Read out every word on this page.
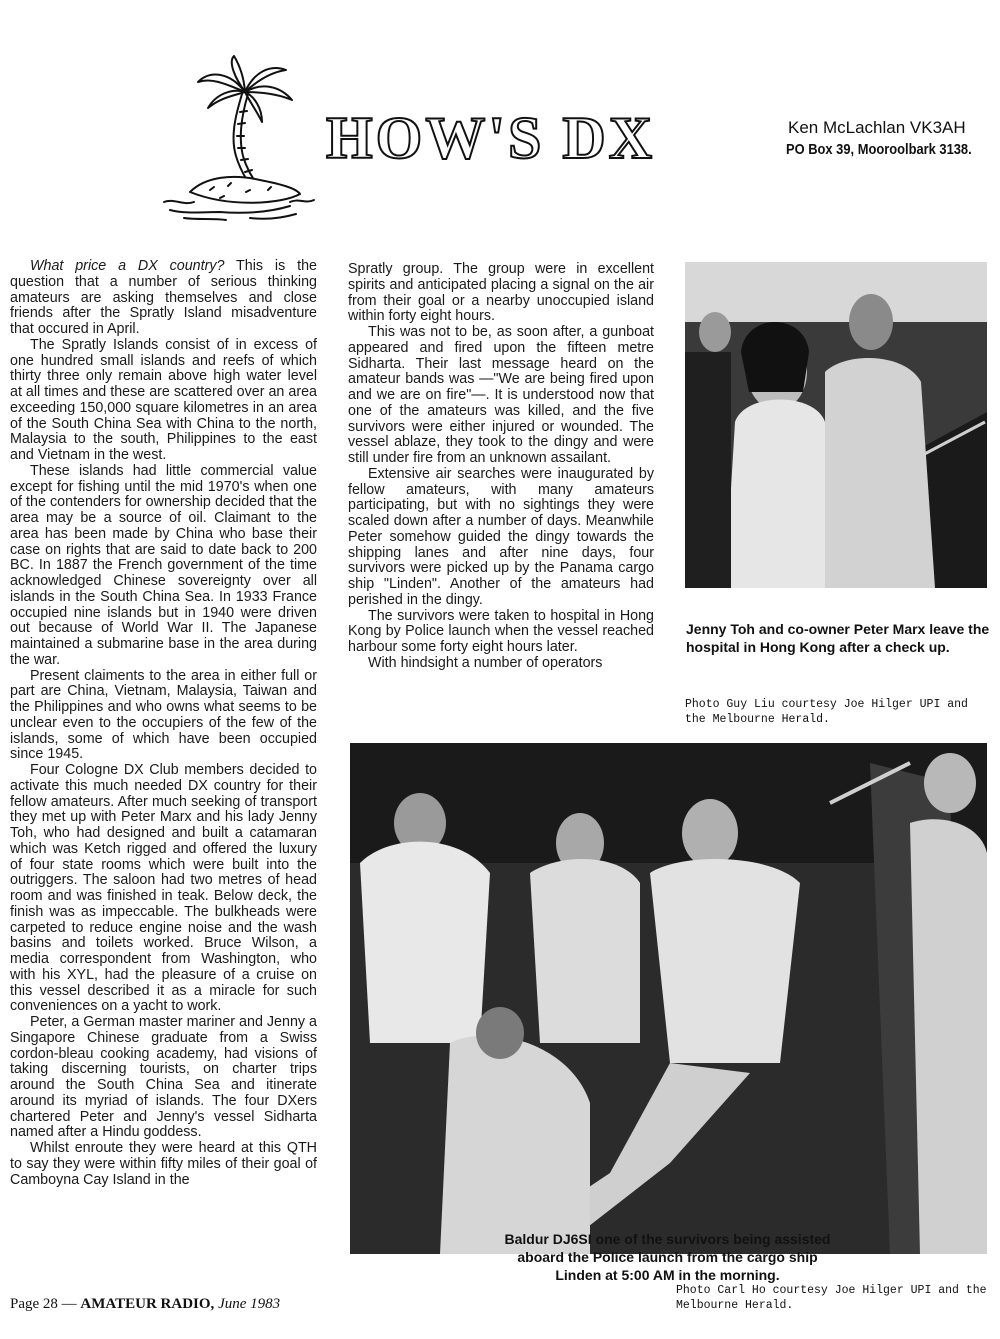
HOW'S DX	Ken McLachlan VK3AH
PO Box 39, Mooroolbark 3138.

What price a DX country? This is the question that a number of serious thinking amateurs are asking themselves and close friends after the Spratly Island misadventure that occured in April.

The Spratly Islands consist of in excess of one hundred small islands and reefs of which thirty three only remain above high water level at all times and these are scattered over an area exceeding 150,000 square kilometres in an area of the South China Sea with China to the north, Malaysia to the south, Philippines to the east and Vietnam in the west.

These islands had little commercial value except for fishing until the mid 1970's when one of the contenders for ownership decided that the area may be a source of oil. Claimant to the area has been made by China who base their case on rights that are said to date back to 200 BC. In 1887 the French government of the time acknowledged Chinese sovereignty over all islands in the South China Sea. In 1933 France occupied nine islands but in 1940 were driven out because of World War II. The Japanese maintained a submarine base in the area during the war.

Present claiments to the area in either full or part are China, Vietnam, Malaysia, Taiwan and the Philippines and who owns what seems to be unclear even to the occupiers of the few of the islands, some of which have been occupied since 1945.

Four Cologne DX Club members decided to activate this much needed DX country for their fellow amateurs. After much seeking of transport they met up with Peter Marx and his lady Jenny Toh, who had designed and built a catamaran which was Ketch rigged and offered the luxury of four state rooms which were built into the outriggers. The saloon had two metres of head room and was finished in teak. Below deck, the finish was as impeccable. The bulkheads were carpeted to reduce engine noise and the wash basins and toilets worked. Bruce Wilson, a media correspondent from Washington, who with his XYL, had the pleasure of a cruise on this vessel described it as a miracle for such conveniences on a yacht to work.

Peter, a German master mariner and Jenny a Singapore Chinese graduate from a Swiss cordon-bleau cooking academy, had visions of taking discerning tourists, on charter trips around the South China Sea and itinerate around its myriad of islands. The four DXers chartered Peter and Jenny's vessel Sidharta named after a Hindu goddess.

Whilst enroute they were heard at this QTH to say they were within fifty miles of their goal of Camboyna Cay Island in the

Spratly group. The group were in excellent spirits and anticipated placing a signal on the air from their goal or a nearby unoccupied island within forty eight hours.

This was not to be, as soon after, a gunboat appeared and fired upon the fifteen metre Sidharta. Their last message heard on the amateur bands was —"We are being fired upon and we are on fire"—. It is understood now that one of the amateurs was killed, and the five survivors were either injured or wounded. The vessel ablaze, they took to the dingy and were still under fire from an unknown assailant.

Extensive air searches were inaugurated by fellow amateurs, with many amateurs participating, but with no sightings they were scaled down after a number of days. Meanwhile Peter somehow guided the dingy towards the shipping lanes and after nine days, four survivors were picked up by the Panama cargo ship "Linden". Another of the amateurs had perished in the dingy.

The survivors were taken to hospital in Hong Kong by Police launch when the vessel reached harbour some forty eight hours later.

With hindsight a number of operators

Jenny Toh and co-owner Peter Marx leave the hospital in Hong Kong after a check up.
Photo Guy Liu courtesy Joe Hilger UPI and the Melbourne Herald.
Baldur DJ6SI one of the survivors being assisted aboard the Police launch from the cargo ship Linden at 5:00 AM in the morning.
Photo Carl Ho courtesy Joe Hilger UPI and the Melbourne Herald.
Page 28 — AMATEUR RADIO, June 1983
